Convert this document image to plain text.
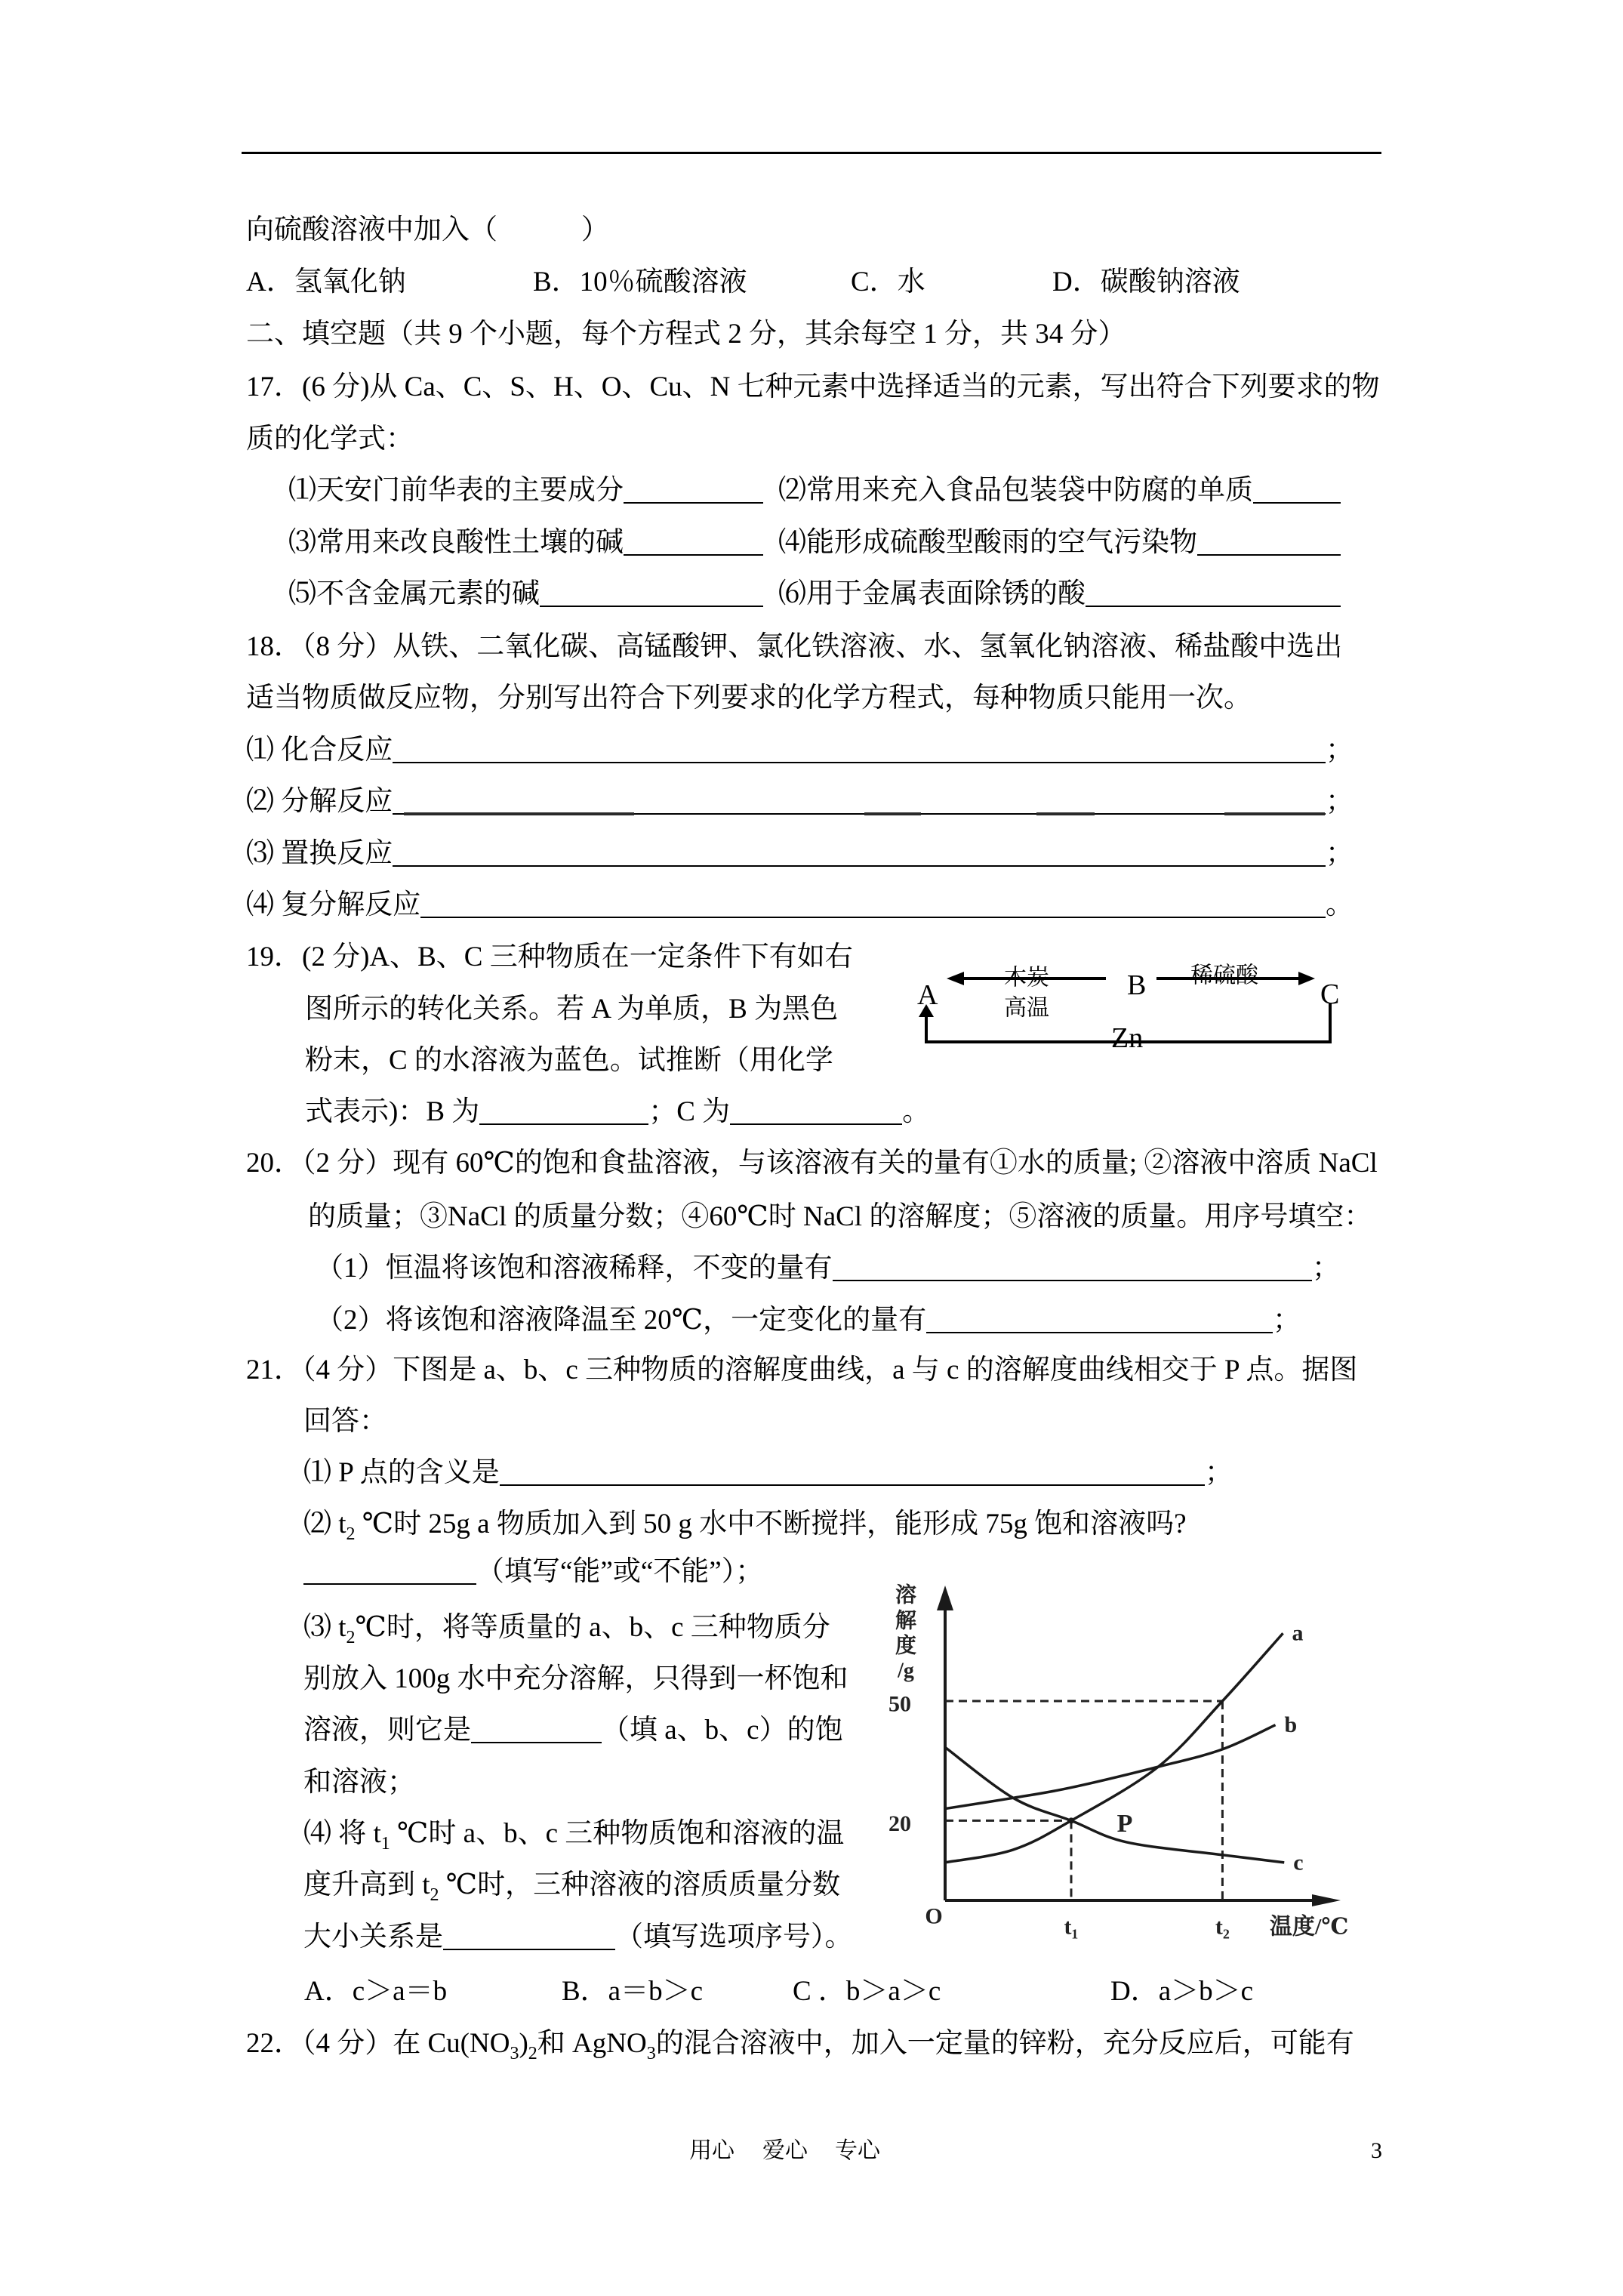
向硫酸溶液中加入（　　　）
A．氢氧化钠	B．10％硫酸溶液	C．水	D．碳酸钠溶液
二、填空题（共 9 个小题，每个方程式 2 分，其余每空 1 分，共 34 分）
17．(6 分)从 Ca、C、S、H、O、Cu、N 七种元素中选择适当的元素，写出符合下列要求的物
质的化学式：
⑴天安门前华表的主要成分	⑵常用来充入食品包装袋中防腐的单质
⑶常用来改良酸性土壤的碱	⑷能形成硫酸型酸雨的空气污染物
⑸不含金属元素的碱	⑹用于金属表面除锈的酸
18．（8 分）从铁、二氧化碳、高锰酸钾、氯化铁溶液、水、氢氧化钠溶液、稀盐酸中选出
适当物质做反应物，分别写出符合下列要求的化学方程式，每种物质只能用一次。
⑴ 化合反应	；
⑵ 分解反应	；
⑶ 置换反应	；
⑷ 复分解反应	。
19．(2 分)A、B、C 三种物质在一定条件下有如右
图所示的转化关系。若 A 为单质，B 为黑色
粉末，C 的水溶液为蓝色。试推断（用化学
式表示)：B 为	； C 为	。
木炭
高温
稀硫酸
B
A	C
Zn
20．（2 分）现有 60℃的饱和食盐溶液，与该溶液有关的量有①水的质量; ②溶液中溶质 NaCl
的质量；③NaCl 的质量分数；④60℃时 NaCl 的溶解度；⑤溶液的质量。用序号填空：
（1）恒温将该饱和溶液稀释，不变的量有	；
（2）将该饱和溶液降温至 20℃，一定变化的量有	；
21．（4 分）下图是 a、b、c 三种物质的溶解度曲线，a 与 c 的溶解度曲线相交于 P 点。据图
回答：
⑴ P 点的含义是	；
⑵ $t_2$ ℃时 25g a 物质加入到 50 g 水中不断搅拌，能形成 75g 饱和溶液吗?
（填写“能”或“不能”）；
⑶ $t_2℃$时，将等质量的 a、b、c 三种物质分
别放入 100g 水中充分溶解，只得到一杯饱和
溶液，则它是	（填 a、b、c）的饱
和溶液；
⑷ 将 $t_1$ ℃时 a、b、c 三种物质饱和溶液的温
度升高到 $t_2$ ℃时，三种溶液的溶质质量分数
大小关系是	（填写选项序号）。
A．c＞a＝b	B．a＝b＞c	C ．b＞a＞c	D．a＞b＞c
溶
解
度
/g
温度/℃
O
a
b
c
20
50
t₁	t₂
P
22．（4 分）在 $Cu(NO_3)_2$和 AgNO$_3$的混合溶液中，加入一定量的锌粉，充分反应后，可能有
用心 爱心 专心	3
